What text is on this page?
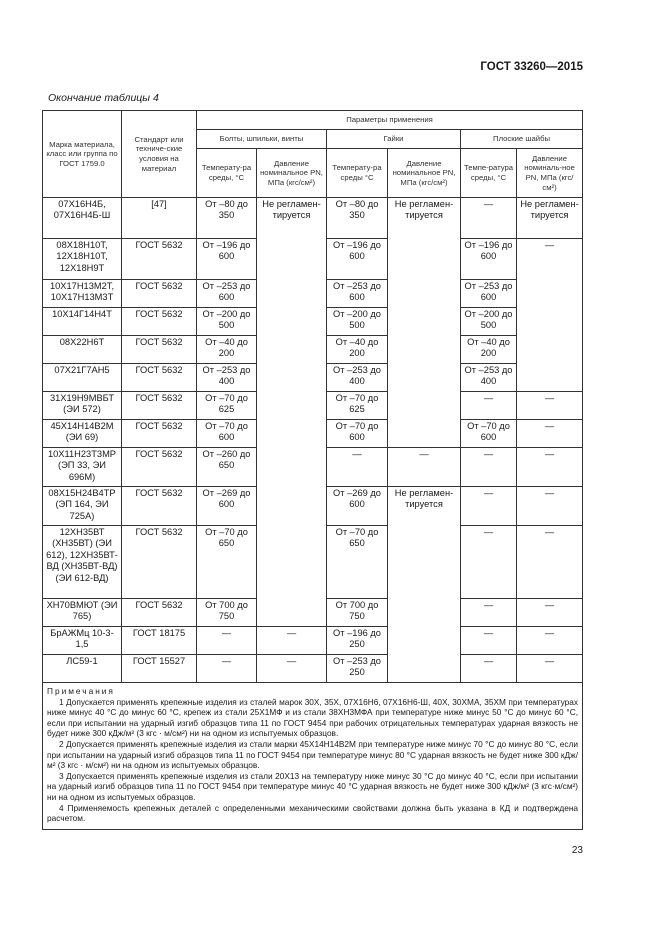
ГОСТ 33260—2015
Окончание таблицы 4
Марка материала, класс или группа по ГОСТ 1759.0	Стандарт или техниче-ские условия на материал	Параметры применения					
		Болты, шпильки, винты		Гайки		Плоские шайбы	
		Температу-ра среды, °С	Давление номинальное PN, МПа (кгс/см²)	Температу-ра среды °С	Давление номинальное PN, МПа (кгс/см²)	Темпе-ратура среды, °С	Давление номиналь-ное PN, МПа (кгс/см²)
07Х16Н4Б, 07Х16Н4Б-Ш	[47]	От –80 до 350	Не регламен-тируется	От –80 до 350	Не регламен-тируется	—	Не регламен-тируется
08Х18Н10Т, 12Х18Н10Т, 12Х18Н9Т	ГОСТ 5632	От –196 до 600		От –196 до 600		От –196 до 600	—
10Х17Н13М2Т, 10Х17Н13М3Т	ГОСТ 5632	От –253 до 600		От –253 до 600		От –253 до 600	
10Х14Г14Н4Т	ГОСТ 5632	От –200 до 500		От –200 до 500		От –200 до 500	
08Х22Н6Т	ГОСТ 5632	От –40 до 200		От –40 до 200		От –40 до 200	
07Х21Г7АН5	ГОСТ 5632	От –253 до 400		От –253 до 400		От –253 до 400	
31Х19Н9МВБТ (ЭИ 572)	ГОСТ 5632	От –70 до 625		От –70 до 625		—	—
45Х14Н14В2М (ЭИ 69)	ГОСТ 5632	От –70 до 600		От –70 до 600		От –70 до 600	—
10Х11Н23Т3МР (ЭП 33, ЭИ 696М)	ГОСТ 5632	От –260 до 650		—	—	—	—
08Х15Н24В4ТР (ЭП 164, ЭИ 725А)	ГОСТ 5632	От –269 до 600		От –269 до 600	Не регламен-тируется	—	—
12ХН35ВТ (ХН35ВТ) (ЭИ 612), 12ХН35ВТ-ВД (ХН35ВТ-ВД) (ЭИ 612-ВД)	ГОСТ 5632	От –70 до 650		От –70 до 650		—	—
ХН70ВМЮТ (ЭИ 765)	ГОСТ 5632	От 700 до 750		От 700 до 750		—	—
БрАЖМц 10-3-1,5	ГОСТ 18175	—	—	От –196 до 250		—	—
ЛС59-1	ГОСТ 15527	—	—	От –253 до 250		—	—

Примечания
1 Допускается применять крепежные изделия из сталей марок 30Х, 35Х, 07Х16Н6, 07Х16Н6-Ш, 40Х, 30ХМА, 35ХМ при температурах ниже минус 40 °С до минус 60 °С, крепеж из стали 25Х1МФ и из стали 38ХН3МФА при температуре ниже минус 50 °С до минус 60 °С, если при испытании на ударный изгиб образцов типа 11 по ГОСТ 9454 при рабочих отрицательных температурах ударная вязкость не будет ниже 300 кДж/м² (3 кгс · м/см²) ни на одном из испытуемых образцов.
2 Допускается применять крепежные изделия из стали марки 45Х14Н14В2М при температуре ниже минус 70 °С до минус 80 °С, если при испытании на ударный изгиб образцов типа 11 по ГОСТ 9454 при температуре минус 80 °С ударная вязкость не будет ниже 300 кДж/м² (3 кгс · м/см²) ни на одном из испытуемых образцов.
3 Допускается применять крепежные изделия из стали 20Х13 на температуру ниже минус 30 °С до минус 40 °С, если при испытании на ударный изгиб образцов типа 11 по ГОСТ 9454 при температуре минус 40 °С ударная вязкость не будет ниже 300 кДж/м² (3 кгс·м/см²) ни на одном из испытуемых образцов.
4 Применяемость крепежных деталей с определенными механическими свойствами должна быть указана в КД и подтверждена расчетом.							
23
